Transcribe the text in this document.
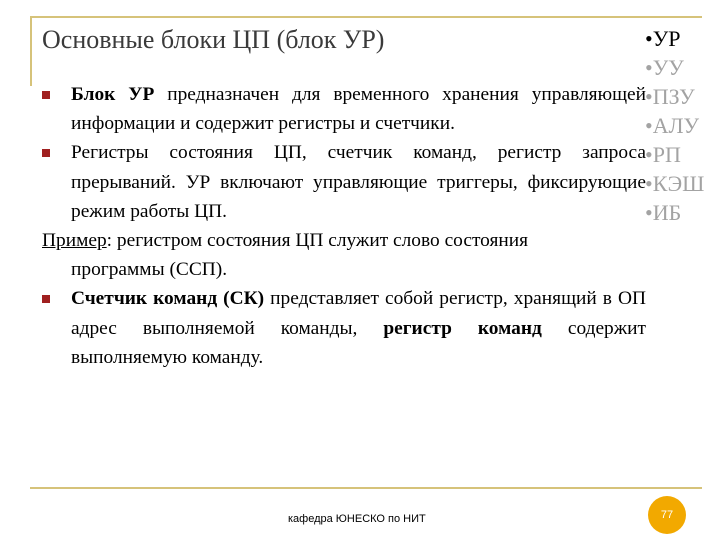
Основные блоки ЦП (блок УР)	•УР
•УУ
•ПЗУ
•АЛУ
•РП
•КЭШ
•ИБ
Блок УР предназначен для временного хранения управляющей информации и содержит регистры и счетчики.
Регистры состояния ЦП, счетчик команд, регистр запроса прерываний. УР включают управляющие триггеры, фиксирующие режим работы ЦП.
Пример: регистром состояния ЦП служит слово состояния
программы (ССП).
Счетчик команд (СК) представляет собой регистр, хранящий в ОП адрес выполняемой команды, регистр команд содержит выполняемую команду.
кафедра ЮНЕСКО по НИТ	77
